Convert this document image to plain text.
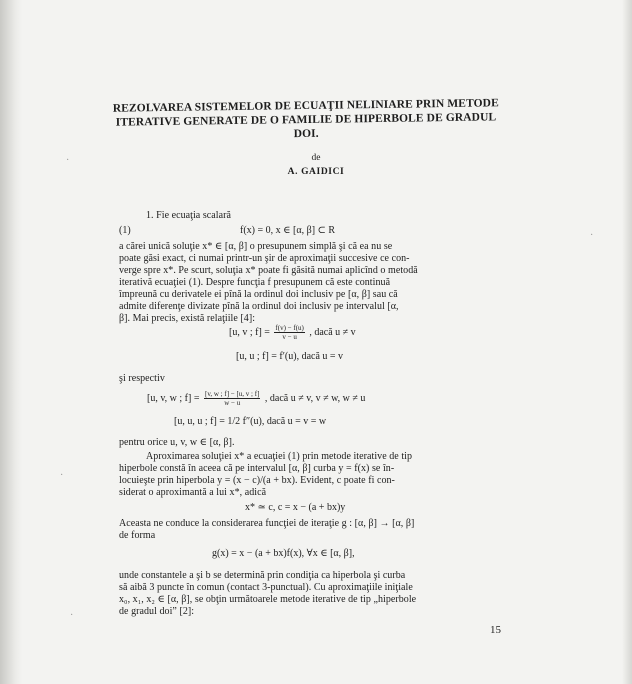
REZOLVAREA SISTEMELOR DE ECUAŢII NELINIARE PRIN METODE
ITERATIVE GENERATE DE O FAMILIE DE HIPERBOLE DE GRADUL
DOI.
de
A. GAIDICI
1. Fie ecuaţia scalară
(1)	f(x) = 0, x ∈ [α, β] ⊂ R
a cărei unică soluţie x* ∈ [α, β] o presupunem simplă şi că ea nu se
poate găsi exact, ci numai printr-un şir de aproximaţii succesive ce con-
verge spre x*. Pe scurt, soluţia x* poate fi găsită numai aplicînd o metodă
iterativă ecuaţiei (1). Despre funcţia f presupunem că este continuă
împreună cu derivatele ei pînă la ordinul doi inclusiv pe [α, β] sau că
admite diferenţe divizate pînă la ordinul doi inclusiv pe intervalul [α,
β]. Mai precis, există relaţiile [4]:
[u, v ; $f] = \frac{f(v) - f(u)}{v - u}$ , dacă u ≠ v
[u, u ; f] = f′(u), dacă u = v
şi respectiv
[u, v, w ; $f] = \frac{[v, w ; f] - [u, v ; f]}{w - u}$ , dacă u ≠ v, v ≠ w, w ≠ u
[u, u, u ; f] = 1/2 f″(u), dacă u = v = w
pentru orice u, v, w ∈ [α, β].
Aproximarea soluţiei x* a ecuaţiei (1) prin metode iterative de tip
hiperbole constă în aceea că pe intervalul [α, β] curba y = f(x) se în-
locuieşte prin hiperbola y = (x − c)/(a + bx). Evident, c poate fi con-
siderat o aproximantă a lui x*, adică
x* ≃ c, c = x − (a + bx)y
Aceasta ne conduce la considerarea funcţiei de iteraţie g : [α, β] → [α, β]
de forma
g(x) = x − (a + bx)f(x), ∀x ∈ [α, β],
unde constantele a şi b se determină prin condiţia ca hiperbola şi curba
să aibă 3 puncte în comun (contact 3-punctual). Cu aproximaţiile iniţiale
x₀, x₁, x₂ ∈ [α, β], se obţin următoarele metode iterative de tip „hiperbole
de gradul doi” [2]:
15
·
·
·
·
